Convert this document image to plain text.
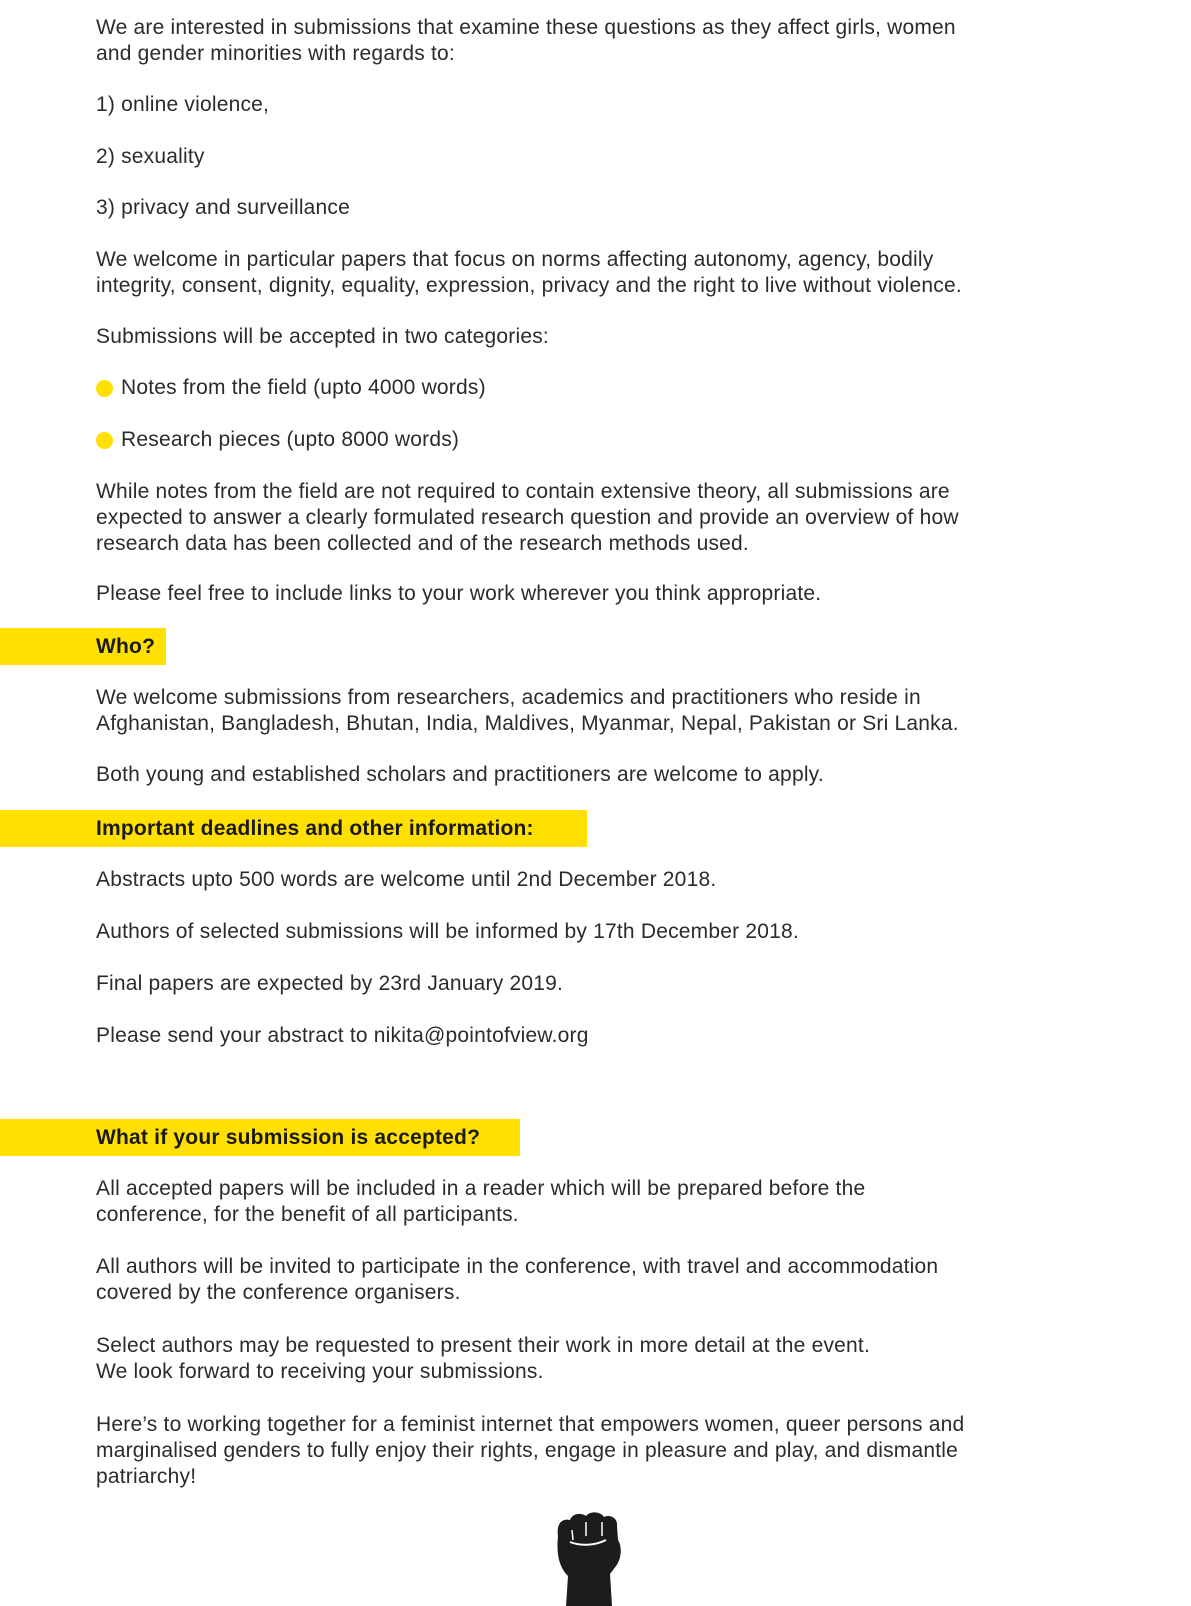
We are interested in submissions that examine these questions as they affect girls, women
and gender minorities with regards to:

1) online violence,

2) sexuality

3) privacy and surveillance

We welcome in particular papers that focus on norms affecting autonomy, agency, bodily
integrity, consent, dignity, equality, expression, privacy and the right to live without violence.

Submissions will be accepted in two categories:

Notes from the field (upto 4000 words)
Research pieces (upto 8000 words)

While notes from the field are not required to contain extensive theory, all submissions are
expected to answer a clearly formulated research question and provide an overview of how
research data has been collected and of the research methods used.

Please feel free to include links to your work wherever you think appropriate.

Who?

We welcome submissions from researchers, academics and practitioners who reside in
Afghanistan, Bangladesh, Bhutan, India, Maldives, Myanmar, Nepal, Pakistan or Sri Lanka.

Both young and established scholars and practitioners are welcome to apply.

Important deadlines and other information:

Abstracts upto 500 words are welcome until 2nd December 2018.

Authors of selected submissions will be informed by 17th December 2018.

Final papers are expected by 23rd January 2019.

Please send your abstract to nikita@pointofview.org

What if your submission is accepted?

All accepted papers will be included in a reader which will be prepared before the
conference, for the benefit of all participants.

All authors will be invited to participate in the conference, with travel and accommodation
covered by the conference organisers.

Select authors may be requested to present their work in more detail at the event.
We look forward to receiving your submissions.

Here’s to working together for a feminist internet that empowers women, queer persons and
marginalised genders to fully enjoy their rights, engage in pleasure and play, and dismantle
patriarchy!
